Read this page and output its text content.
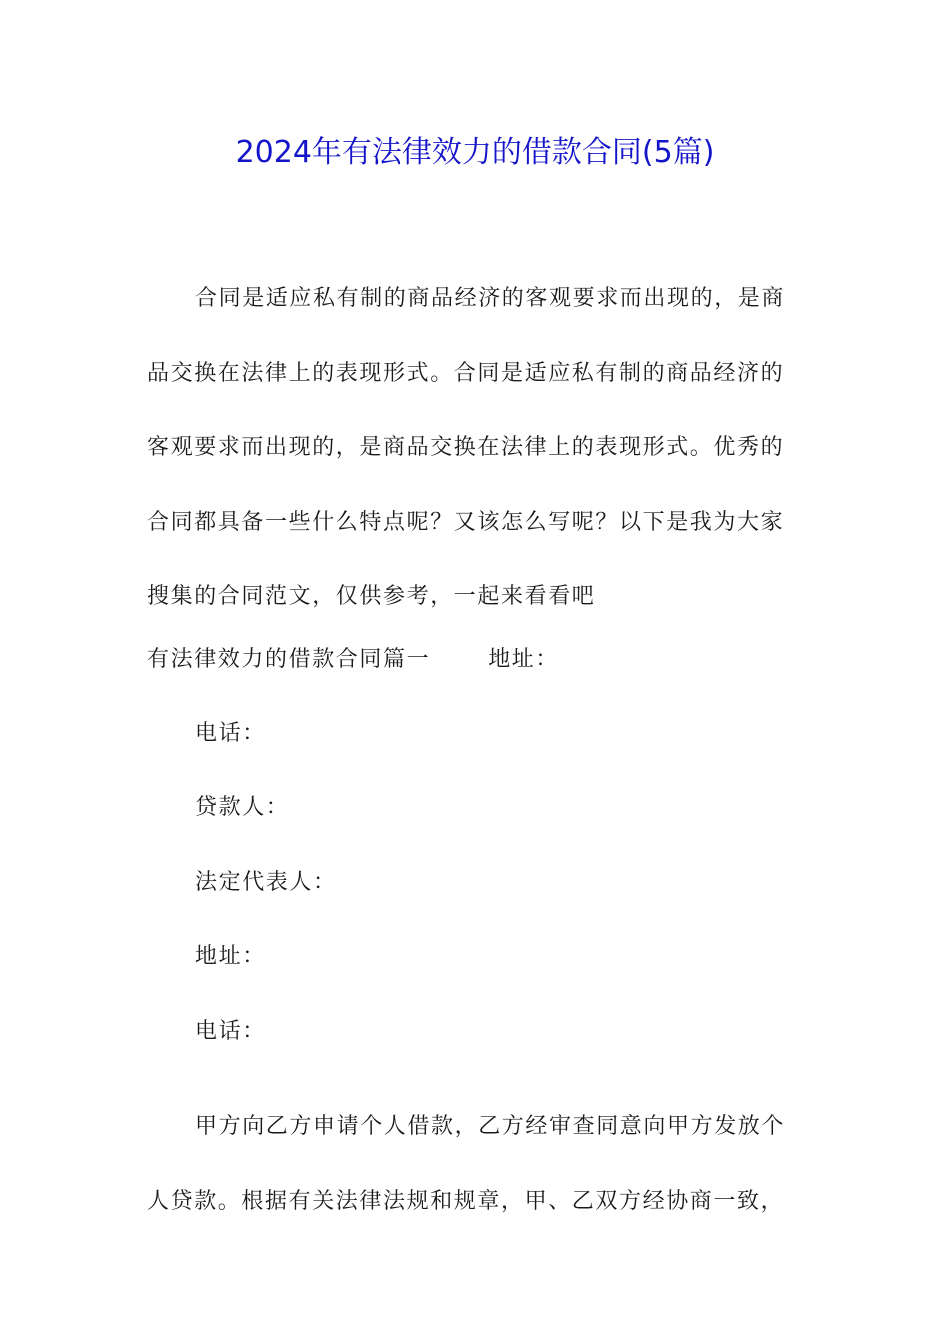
2024年有法律效力的借款合同(5篇)

合同是适应私有制的商品经济的客观要求而出现的，是商品交换在法律上的表现形式。合同是适应私有制的商品经济的客观要求而出现的，是商品交换在法律上的表现形式。优秀的合同都具备一些什么特点呢？又该怎么写呢？以下是我为大家搜集的合同范文，仅供参考，一起来看看吧

有法律效力的借款合同篇一	地址：
电话：
贷款人：
法定代表人：
地址：
电话：

甲方向乙方申请个人借款，乙方经审查同意向甲方发放个人贷款。根据有关法律法规和规章，甲、乙双方经协商一致，
